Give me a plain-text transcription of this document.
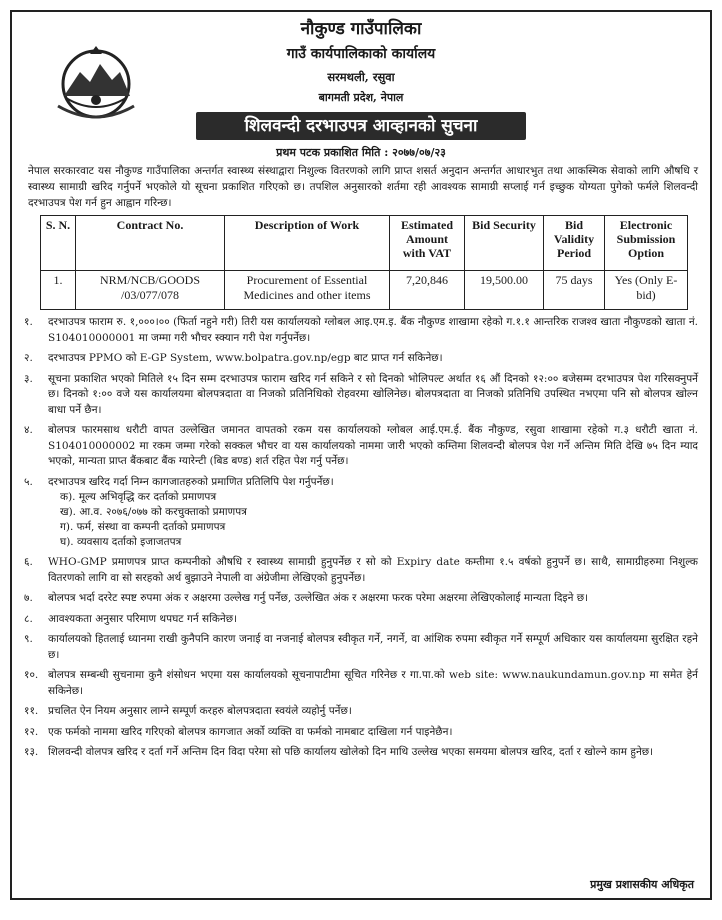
नौकुण्ड गाउँपालिका
गाउँ कार्यपालिकाको कार्यालय
सरमथली, रसुवा
बागमती प्रदेश, नेपाल
शिलवन्दी दरभाउपत्र आव्हानको सुचना
प्रथम पटक प्रकाशित मिति : २०७७/०७/२३
नेपाल सरकारवाट यस नौकुण्ड गाउँपालिका अन्तर्गत स्वास्थ्य संस्थाद्वारा निशुल्क वितरणको लागि प्राप्त शसर्त अनुदान अन्तर्गत आधारभुत तथा आकस्मिक सेवाको लागि औषधि र स्वास्थ्य सामाग्री खरिद गर्नुपर्ने भएकोले यो सूचना प्रकाशित गरिएको छ। तपशिल अनुसारको शर्तमा रही आवश्यक सामाग्री सप्लाई गर्न इच्छुक योग्यता पुगेको फर्मले शिलवन्दी दरभाउपत्र पेश गर्न हुन आह्वान गरिन्छ।
S. N.	Contract No.	Description of Work	Estimated Amount with VAT	Bid Security	Bid Validity Period	Electronic Submission Option
1.	NRM/NCB/GOODS /03/077/078	Procurement of Essential Medicines and other items	7,20,846	19,500.00	75 days	Yes (Only E-bid)
१.	दरभाउपत्र फाराम रु. १,०००।०० (फिर्ता नहुने गरी) तिरी यस कार्यालयको ग्लोबल आइ.एम.इ. बैंक नौकुण्ड शाखामा रहेको ग.१.१ आन्तरिक राजश्व खाता नौकुण्डको खाता नं. S104010000001 मा जम्मा गरी भौचर स्क्यान गरी पेश गर्नुपर्नेछ।
२.	दरभाउपत्र PPMO को E-GP System, www.bolpatra.gov.np/egp बाट प्राप्त गर्न सकिनेछ।
३.	सूचना प्रकाशित भएको मितिले १५ दिन सम्म दरभाउपत्र फाराम खरिद गर्न सकिने र सो दिनको भोलिपल्ट अर्थात १६ औं दिनको १२:०० बजेसम्म दरभाउपत्र पेश गरिसक्नुपर्ने छ। दिनको १:०० वजे यस कार्यालयमा बोलपत्रदाता वा निजको प्रतिनिधिको रोहवरमा खोलिनेछ। बोलपत्रदाता वा निजको प्रतिनिधि उपस्थित नभएमा पनि सो बोलपत्र खोल्न बाधा पर्ने छैन।
४.	बोलपत्र फारमसाथ धरौटी वापत उल्लेखित जमानत वापतको रकम यस कार्यालयको ग्लोबल आई.एम.ई. बैंक नौकुण्ड, रसुवा शाखामा रहेको ग.३ धरौटी खाता नं. S104010000002 मा रकम जम्मा गरेको सक्कल भौचर वा यस कार्यालयको नाममा जारी भएको कम्तिमा शिलवन्दी बोलपत्र पेश गर्ने अन्तिम मिति देखि ७५ दिन म्याद भएको, मान्यता प्राप्त बैंकबाट बैंक ग्यारेन्टी (बिड बण्ड) शर्त रहित पेश गर्नु पर्नेछ।
५.	दरभाउपत्र खरिद गर्दा निम्न कागजातहरुको प्रमाणित प्रतिलिपि पेश गर्नुपर्नेछ।
क). मूल्य अभिवृद्धि कर दर्ताको प्रमाणपत्र
ख). आ.व. २०७६/०७७ को करचुक्ताको प्रमाणपत्र
ग). फर्म, संस्था वा कम्पनी दर्ताको प्रमाणपत्र
घ). व्यवसाय दर्ताको इजाजतपत्र
६.	WHO-GMP प्रमाणपत्र प्राप्त कम्पनीको औषधि र स्वास्थ्य सामाग्री हुनुपर्नेछ र सो को Expiry date कम्तीमा १.५ वर्षको हुनुपर्ने छ। साथै, सामाग्रीहरुमा निशुल्क वितरणको लागि वा सो सरहको अर्थ बुझाउने नेपाली वा अंग्रेजीमा लेखिएको हुनुपर्नेछ।
७.	बोलपत्र भर्दा दररेट स्पष्ट रुपमा अंक र अक्षरमा उल्लेख गर्नु पर्नेछ, उल्लेखित अंक र अक्षरमा फरक परेमा अक्षरमा लेखिएकोलाई मान्यता दिइने छ।
८.	आवश्यकता अनुसार परिमाण थपघट गर्न सकिनेछ।
९.	कार्यालयको हितलाई ध्यानमा राखी कुनैपनि कारण जनाई वा नजनाई बोलपत्र स्वीकृत गर्ने, नगर्ने, वा आंशिक रुपमा स्वीकृत गर्ने सम्पूर्ण अधिकार यस कार्यालयमा सुरक्षित रहने छ।
१०. बोलपत्र सम्बन्धी सुचनामा कुनै शंसोधन भएमा यस कार्यालयको सूचनापाटीमा सूचित गरिनेछ र गा.पा.को web site: www.naukundamun.gov.np मा समेत हेर्न सकिनेछ।
११. प्रचलित ऐन नियम अनुसार लाग्ने सम्पूर्ण करहरु बोलपत्रदाता स्वयंले व्यहोर्नु पर्नेछ।
१२. एक फर्मको नाममा खरिद गरिएको बोलपत्र कागजात अर्को व्यक्ति वा फर्मको नामबाट दाखिला गर्न पाइनेछैन।
१३. शिलवन्दी वोलपत्र खरिद र दर्ता गर्ने अन्तिम दिन विदा परेमा सो पछि कार्यालय खोलेको दिन माथि उल्लेख भएका समयमा बोलपत्र खरिद, दर्ता र खोल्ने काम हुनेछ।
प्रमुख प्रशासकीय अधिकृत
